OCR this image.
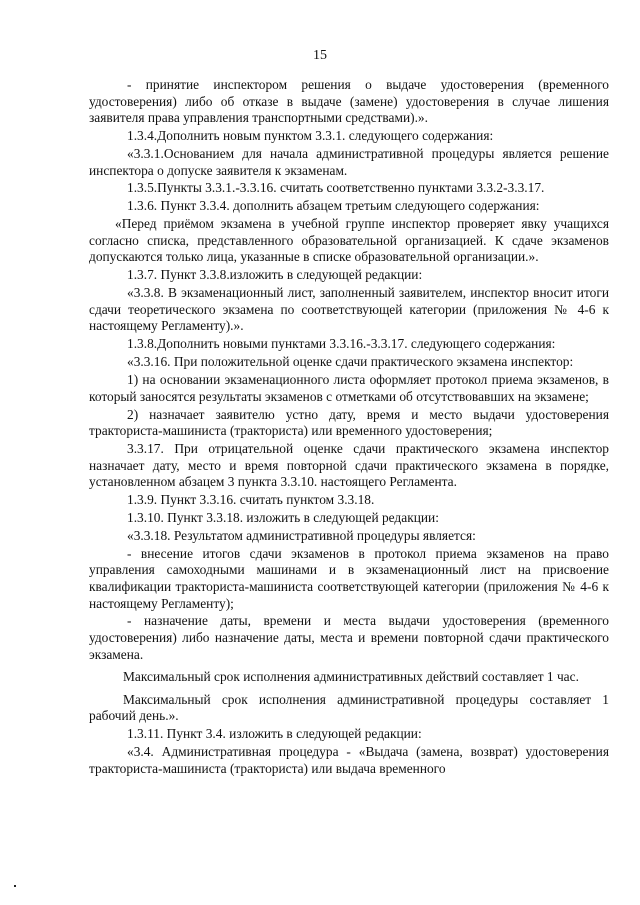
15

- принятие инспектором решения о выдаче удостоверения (временного удостоверения) либо об отказе в выдаче (замене) удостоверения в случае лишения заявителя права управления транспортными средствами).».

1.3.4.Дополнить новым пунктом 3.3.1. следующего содержания:

«3.3.1.Основанием для начала административной процедуры является решение инспектора о допуске заявителя к экзаменам.

1.3.5.Пункты 3.3.1.-3.3.16. считать соответственно пунктами 3.3.2-3.3.17.

1.3.6. Пункт 3.3.4. дополнить абзацем третьим следующего содержания:

«Перед приёмом экзамена в учебной группе инспектор проверяет явку учащихся согласно списка, представленного образовательной организацией. К сдаче экзаменов допускаются только лица, указанные в списке образовательной организации.».

1.3.7. Пункт 3.3.8.изложить в следующей редакции:

«3.3.8. В экзаменационный лист, заполненный заявителем, инспектор вносит итоги сдачи теоретического экзамена по соответствующей категории (приложения № 4-6 к настоящему Регламенту).».

1.3.8.Дополнить новыми пунктами 3.3.16.-3.3.17. следующего содержания:

«3.3.16. При положительной оценке сдачи практического экзамена инспектор:

1) на основании экзаменационного листа оформляет протокол приема экзаменов, в который заносятся результаты экзаменов с отметками об отсутствовавших на экзамене;

2) назначает заявителю устно дату, время и место выдачи удостоверения тракториста-машиниста (тракториста) или временного удостоверения;

3.3.17. При отрицательной оценке сдачи практического экзамена инспектор назначает дату, место и время повторной сдачи практического экзамена в порядке, установленном абзацем 3 пункта 3.3.10. настоящего Регламента.

1.3.9. Пункт 3.3.16. считать пунктом 3.3.18.

1.3.10. Пункт 3.3.18. изложить в следующей редакции:

«3.3.18. Результатом административной процедуры является:

- внесение итогов сдачи экзаменов в протокол приема экзаменов на право управления самоходными машинами и в экзаменационный лист на присвоение квалификации тракториста-машиниста соответствующей категории (приложения № 4-6 к настоящему Регламенту);

- назначение даты, времени и места выдачи удостоверения (временного удостоверения) либо назначение даты, места и времени повторной сдачи практического экзамена.

Максимальный срок исполнения административных действий составляет 1 час.

Максимальный срок исполнения административной процедуры составляет 1 рабочий день.».

1.3.11. Пункт 3.4. изложить в следующей редакции:

«3.4. Административная процедура - «Выдача (замена, возврат) удостоверения тракториста-машиниста (тракториста) или выдача временного
